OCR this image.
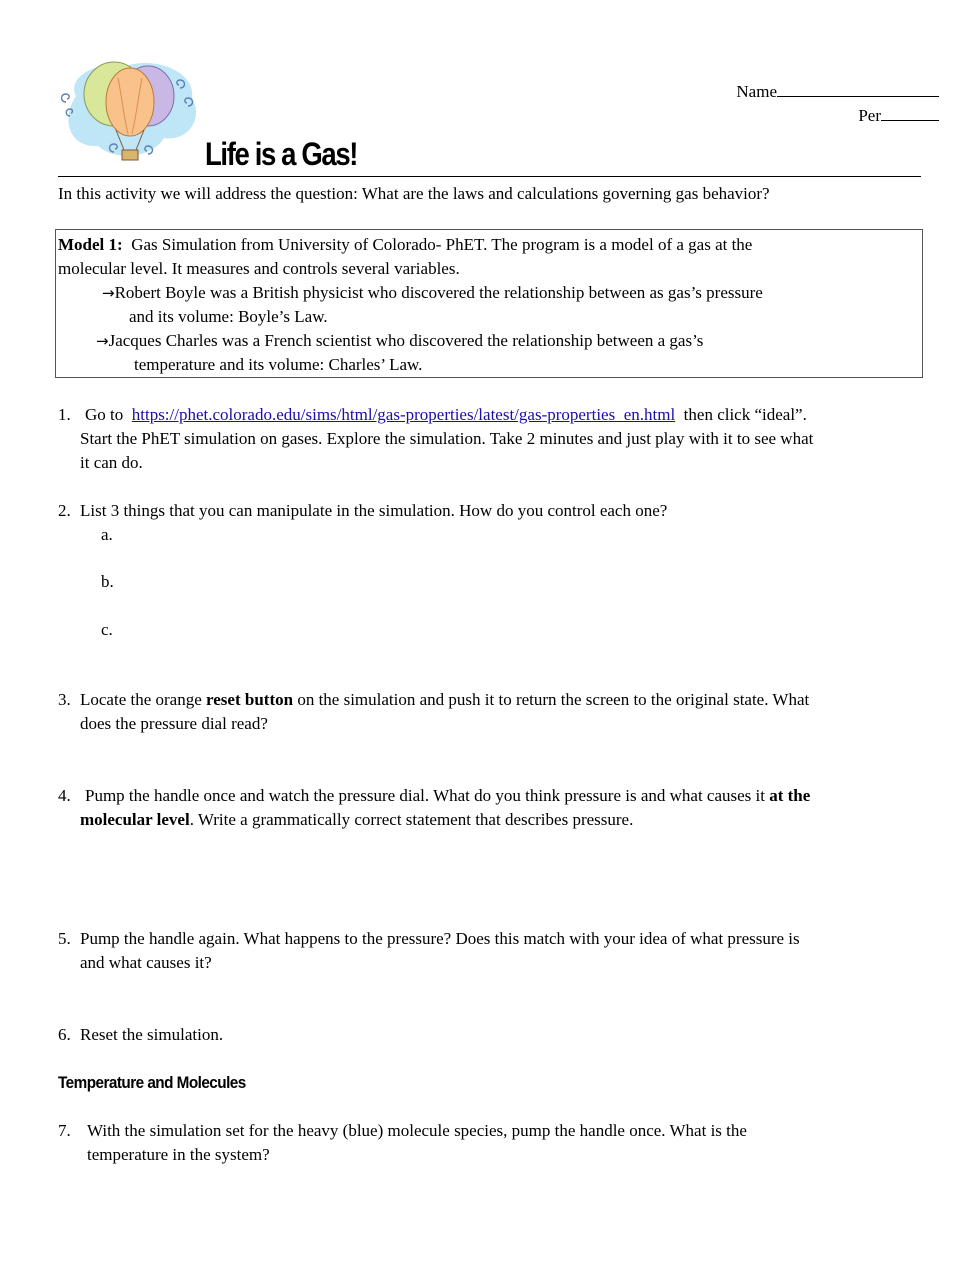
Life is a Gas!
Name
Per
In this activity we will address the question: What are the laws and calculations governing gas behavior?
Model 1: Gas Simulation from University of Colorado- PhET. The program is a model of a gas at the
molecular level. It measures and controls several variables.
→Robert Boyle was a British physicist who discovered the relationship between as gas’s pressure
and its volume: Boyle’s Law.
→Jacques Charles was a French scientist who discovered the relationship between a gas’s
temperature and its volume: Charles’ Law.
1. Go to https://phet.colorado.edu/sims/html/gas-properties/latest/gas-properties_en.html then click “ideal”.
Start the PhET simulation on gases. Explore the simulation. Take 2 minutes and just play with it to see what
it can do.
2. List 3 things that you can manipulate in the simulation. How do you control each one?
a.
b.
c.
3. Locate the orange reset button on the simulation and push it to return the screen to the original state. What
does the pressure dial read?
4. Pump the handle once and watch the pressure dial. What do you think pressure is and what causes it at the
molecular level. Write a grammatically correct statement that describes pressure.
5. Pump the handle again. What happens to the pressure? Does this match with your idea of what pressure is
and what causes it?
6. Reset the simulation.
Temperature and Molecules
7. With the simulation set for the heavy (blue) molecule species, pump the handle once. What is the
temperature in the system?
